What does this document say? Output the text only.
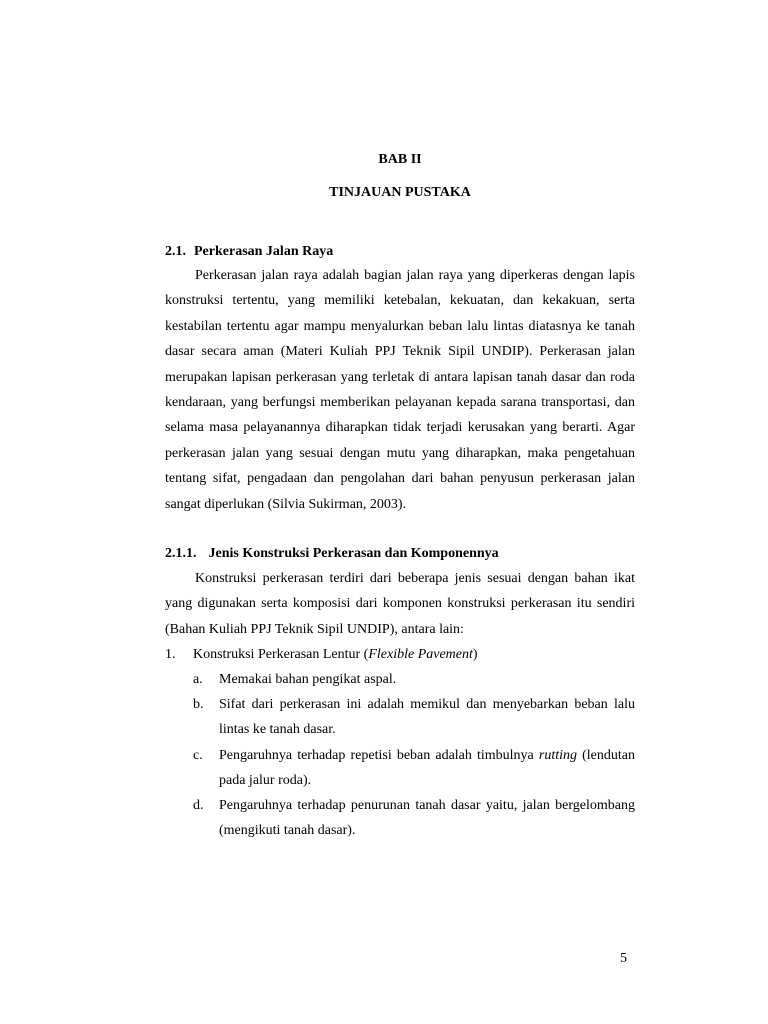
BAB II
TINJAUAN PUSTAKA
2.1. Perkerasan Jalan Raya

Perkerasan jalan raya adalah bagian jalan raya yang diperkeras dengan lapis konstruksi tertentu, yang memiliki ketebalan, kekuatan, dan kekakuan, serta kestabilan tertentu agar mampu menyalurkan beban lalu lintas diatasnya ke tanah dasar secara aman (Materi Kuliah PPJ Teknik Sipil UNDIP). Perkerasan jalan merupakan lapisan perkerasan yang terletak di antara lapisan tanah dasar dan roda kendaraan, yang berfungsi memberikan pelayanan kepada sarana transportasi, dan selama masa pelayanannya diharapkan tidak terjadi kerusakan yang berarti. Agar perkerasan jalan yang sesuai dengan mutu yang diharapkan, maka pengetahuan tentang sifat, pengadaan dan pengolahan dari bahan penyusun perkerasan jalan sangat diperlukan (Silvia Sukirman, 2003).

2.1.1. Jenis Konstruksi Perkerasan dan Komponennya

Konstruksi perkerasan terdiri dari beberapa jenis sesuai dengan bahan ikat yang digunakan serta komposisi dari komponen konstruksi perkerasan itu sendiri (Bahan Kuliah PPJ Teknik Sipil UNDIP), antara lain:

1. Konstruksi Perkerasan Lentur (Flexible Pavement)
a. Memakai bahan pengikat aspal.

b. Sifat dari perkerasan ini adalah memikul dan menyebarkan beban lalu lintas ke tanah dasar.

c. Pengaruhnya terhadap repetisi beban adalah timbulnya rutting (lendutan pada jalur roda).

d. Pengaruhnya terhadap penurunan tanah dasar yaitu, jalan bergelombang (mengikuti tanah dasar).

5
